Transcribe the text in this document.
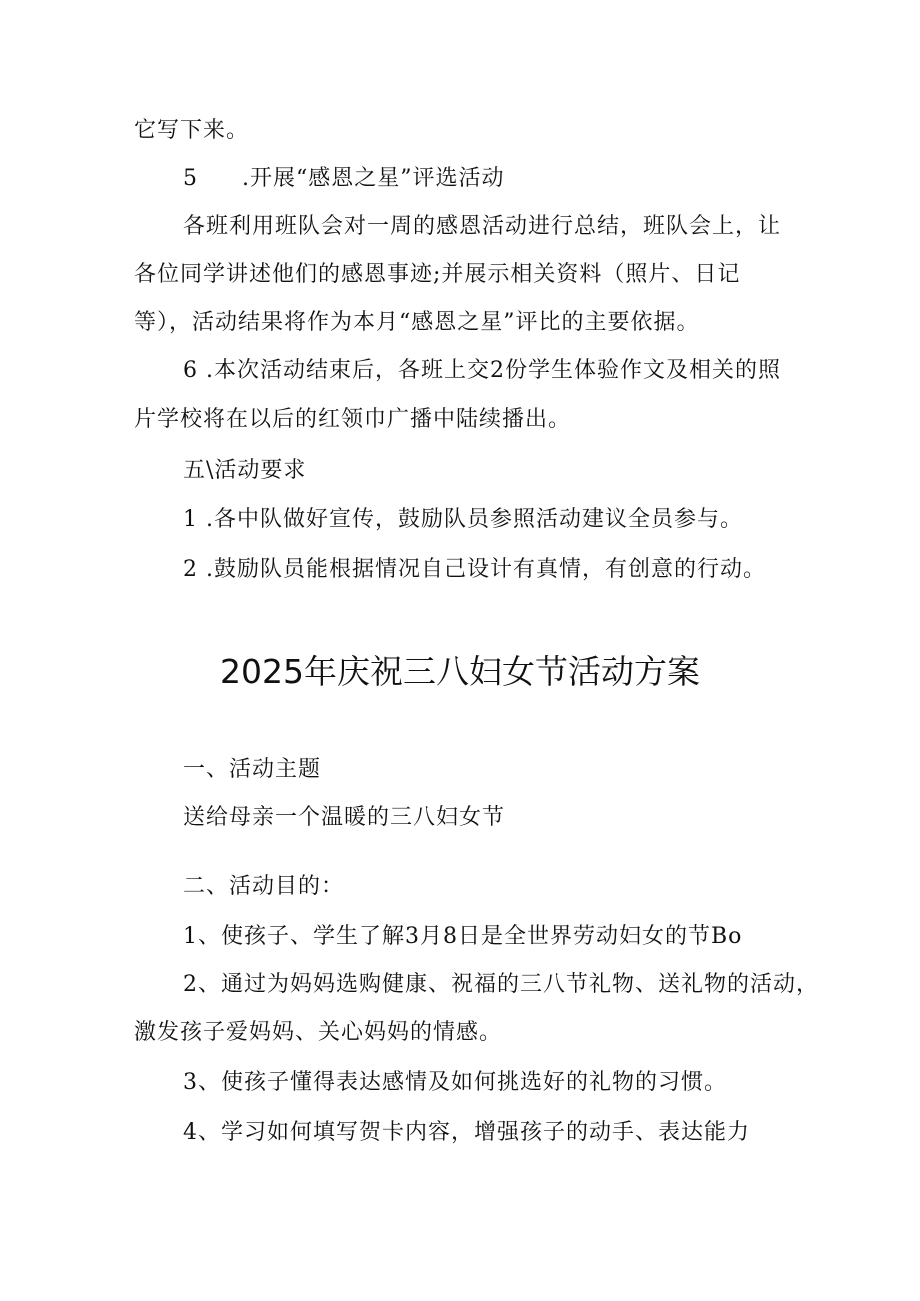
它写下来。
5 .开展“感恩之星”评选活动
各班利用班队会对一周的感恩活动进行总结，班队会上，让
各位同学讲述他们的感恩事迹;并展示相关资料（照片、日记
等），活动结果将作为本月“感恩之星”评比的主要依据。
6 .本次活动结束后，各班上交2份学生体验作文及相关的照
片学校将在以后的红领巾广播中陆续播出。
五\活动要求
1 .各中队做好宣传，鼓励队员参照活动建议全员参与。
2 .鼓励队员能根据情况自己设计有真情，有创意的行动。
2025年庆祝三八妇女节活动方案
一、活动主题
送给母亲一个温暖的三八妇女节
二、活动目的：
1、使孩子、学生了解3月8日是全世界劳动妇女的节Bo
2、通过为妈妈选购健康、祝福的三八节礼物、送礼物的活动，
激发孩子爱妈妈、关心妈妈的情感。
3、使孩子懂得表达感情及如何挑选好的礼物的习惯。
4、学习如何填写贺卡内容，增强孩子的动手、表达能力
